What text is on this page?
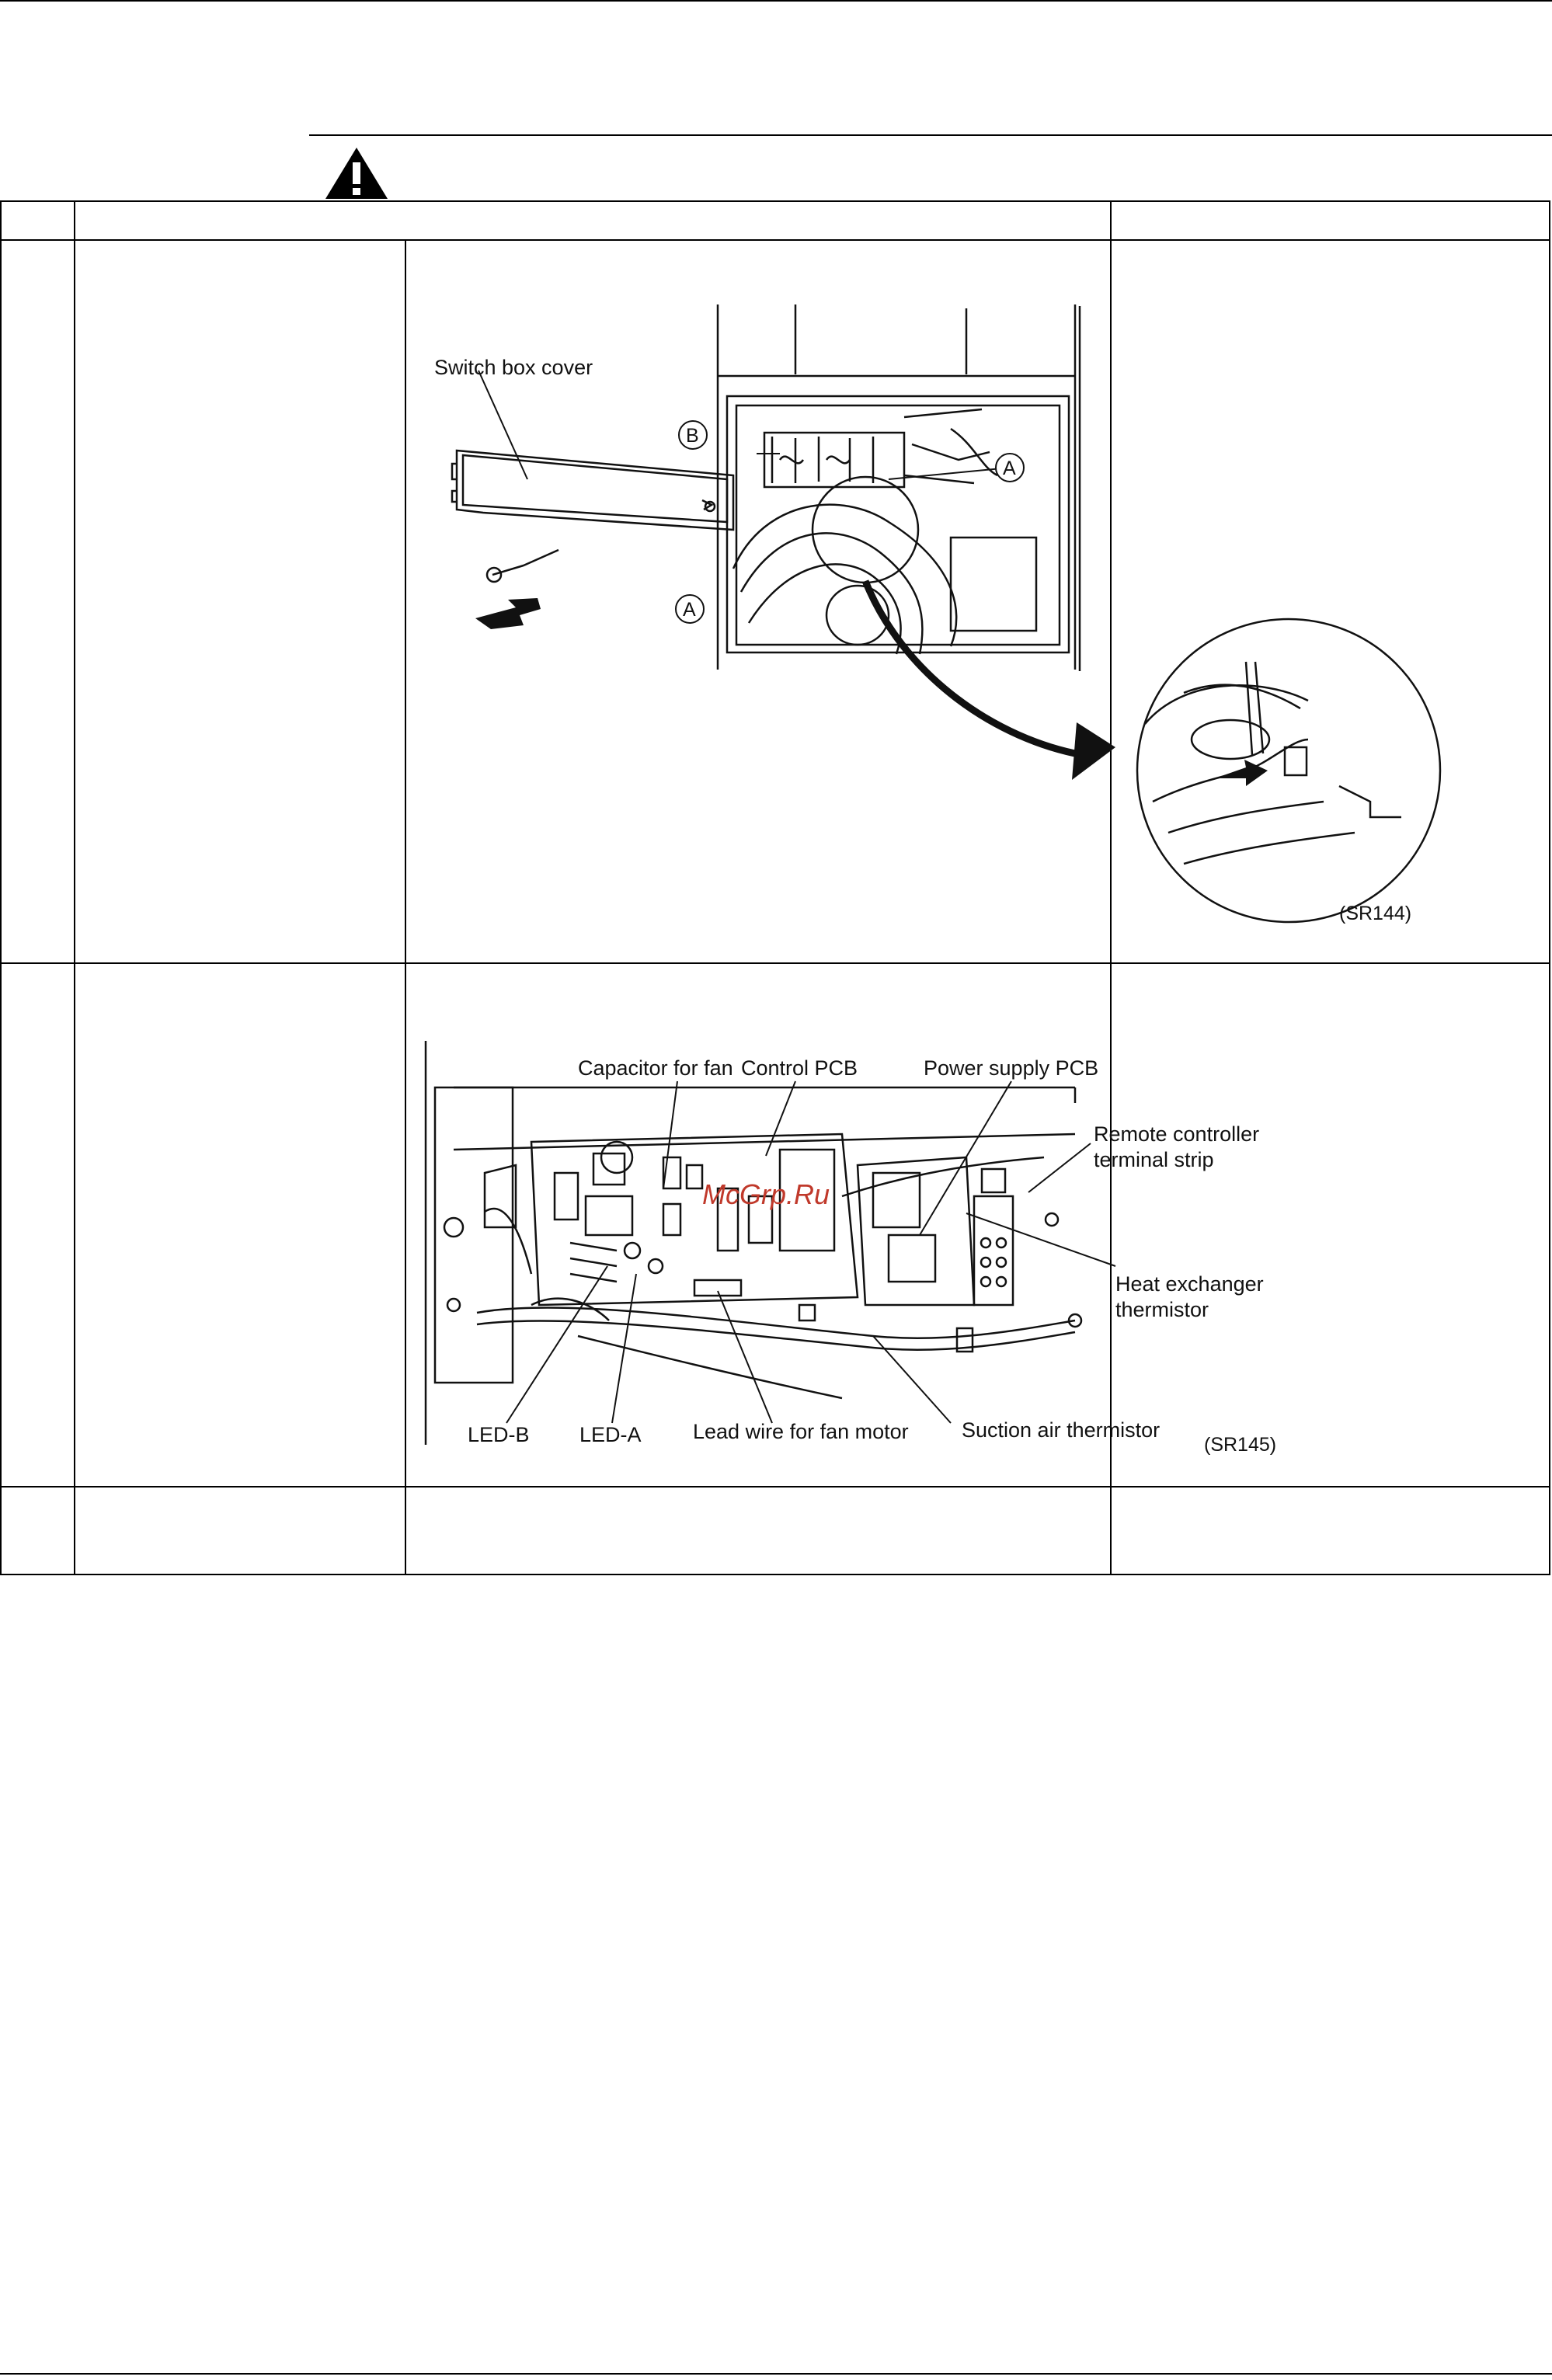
Switch box cover
A
B
A
(SR144)
Capacitor for fan Control PCB	Power supply PCB
Remote controller
terminal strip
Heat exchanger
thermistor
LED-B LED-A Lead wire for fan motor	Suction air thermistor
(SR145)
McGrp.Ru
